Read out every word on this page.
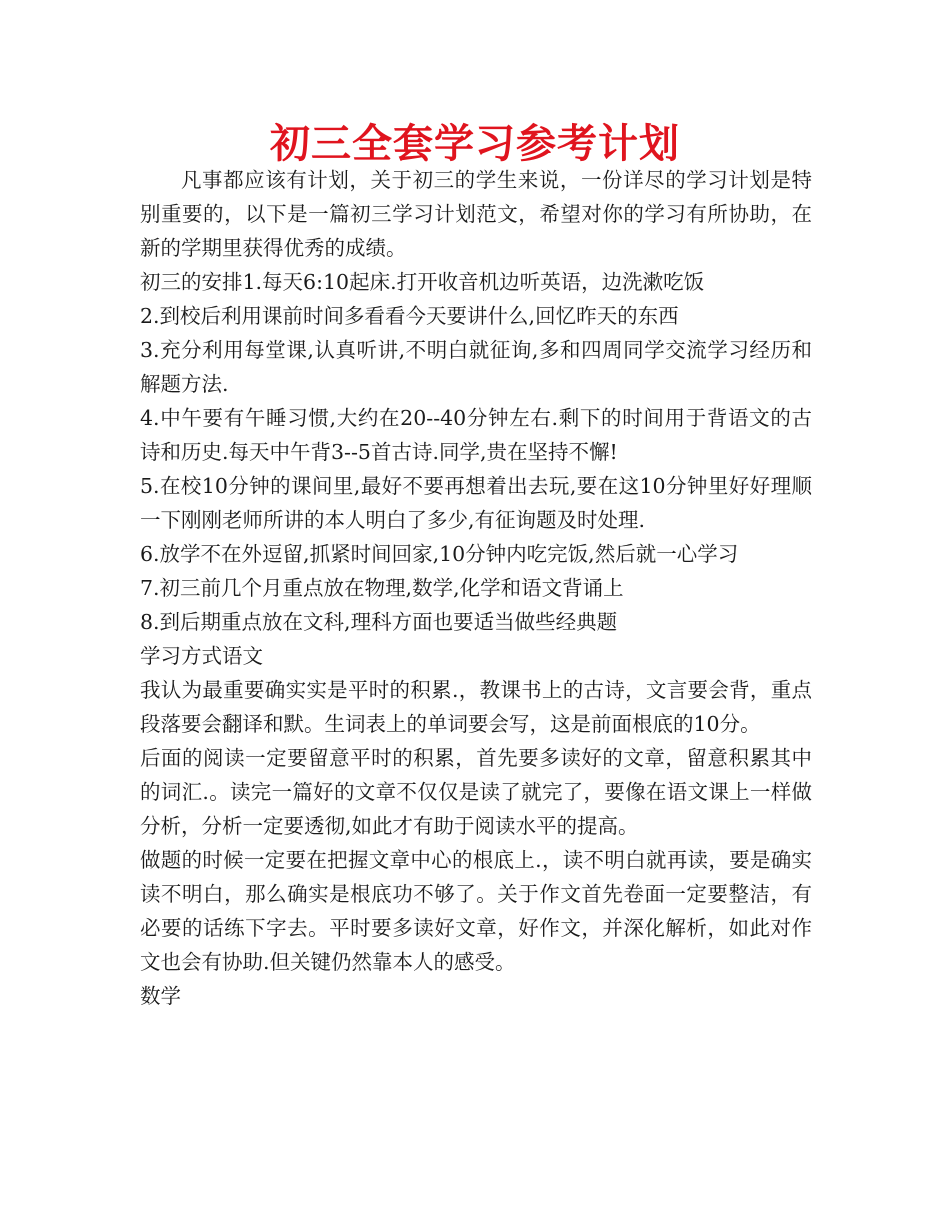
初三全套学习参考计划

凡事都应该有计划，关于初三的学生来说，一份详尽的学习计划是特别重要的，以下是一篇初三学习计划范文，希望对你的学习有所协助，在新的学期里获得优秀的成绩。

初三的安排1.每天6:10起床.打开收音机边听英语，边洗漱吃饭

2.到校后利用课前时间多看看今天要讲什么,回忆昨天的东西

3.充分利用每堂课,认真听讲,不明白就征询,多和四周同学交流学习经历和解题方法.

4.中午要有午睡习惯,大约在20--40分钟左右.剩下的时间用于背语文的古诗和历史.每天中午背3--5首古诗.同学,贵在坚持不懈!

5.在校10分钟的课间里,最好不要再想着出去玩,要在这10分钟里好好理顺一下刚刚老师所讲的本人明白了多少,有征询题及时处理.

6.放学不在外逗留,抓紧时间回家,10分钟内吃完饭,然后就一心学习

7.初三前几个月重点放在物理,数学,化学和语文背诵上

8.到后期重点放在文科,理科方面也要适当做些经典题

学习方式语文

我认为最重要确实实是平时的积累.，教课书上的古诗，文言要会背，重点段落要会翻译和默。生词表上的单词要会写，这是前面根底的10分。

后面的阅读一定要留意平时的积累，首先要多读好的文章，留意积累其中的词汇.。读完一篇好的文章不仅仅是读了就完了，要像在语文课上一样做分析，分析一定要透彻,如此才有助于阅读水平的提高。

做题的时候一定要在把握文章中心的根底上.，读不明白就再读，要是确实读不明白，那么确实是根底功不够了。关于作文首先卷面一定要整洁，有必要的话练下字去。平时要多读好文章，好作文，并深化解析，如此对作文也会有协助.但关键仍然靠本人的感受。

数学
